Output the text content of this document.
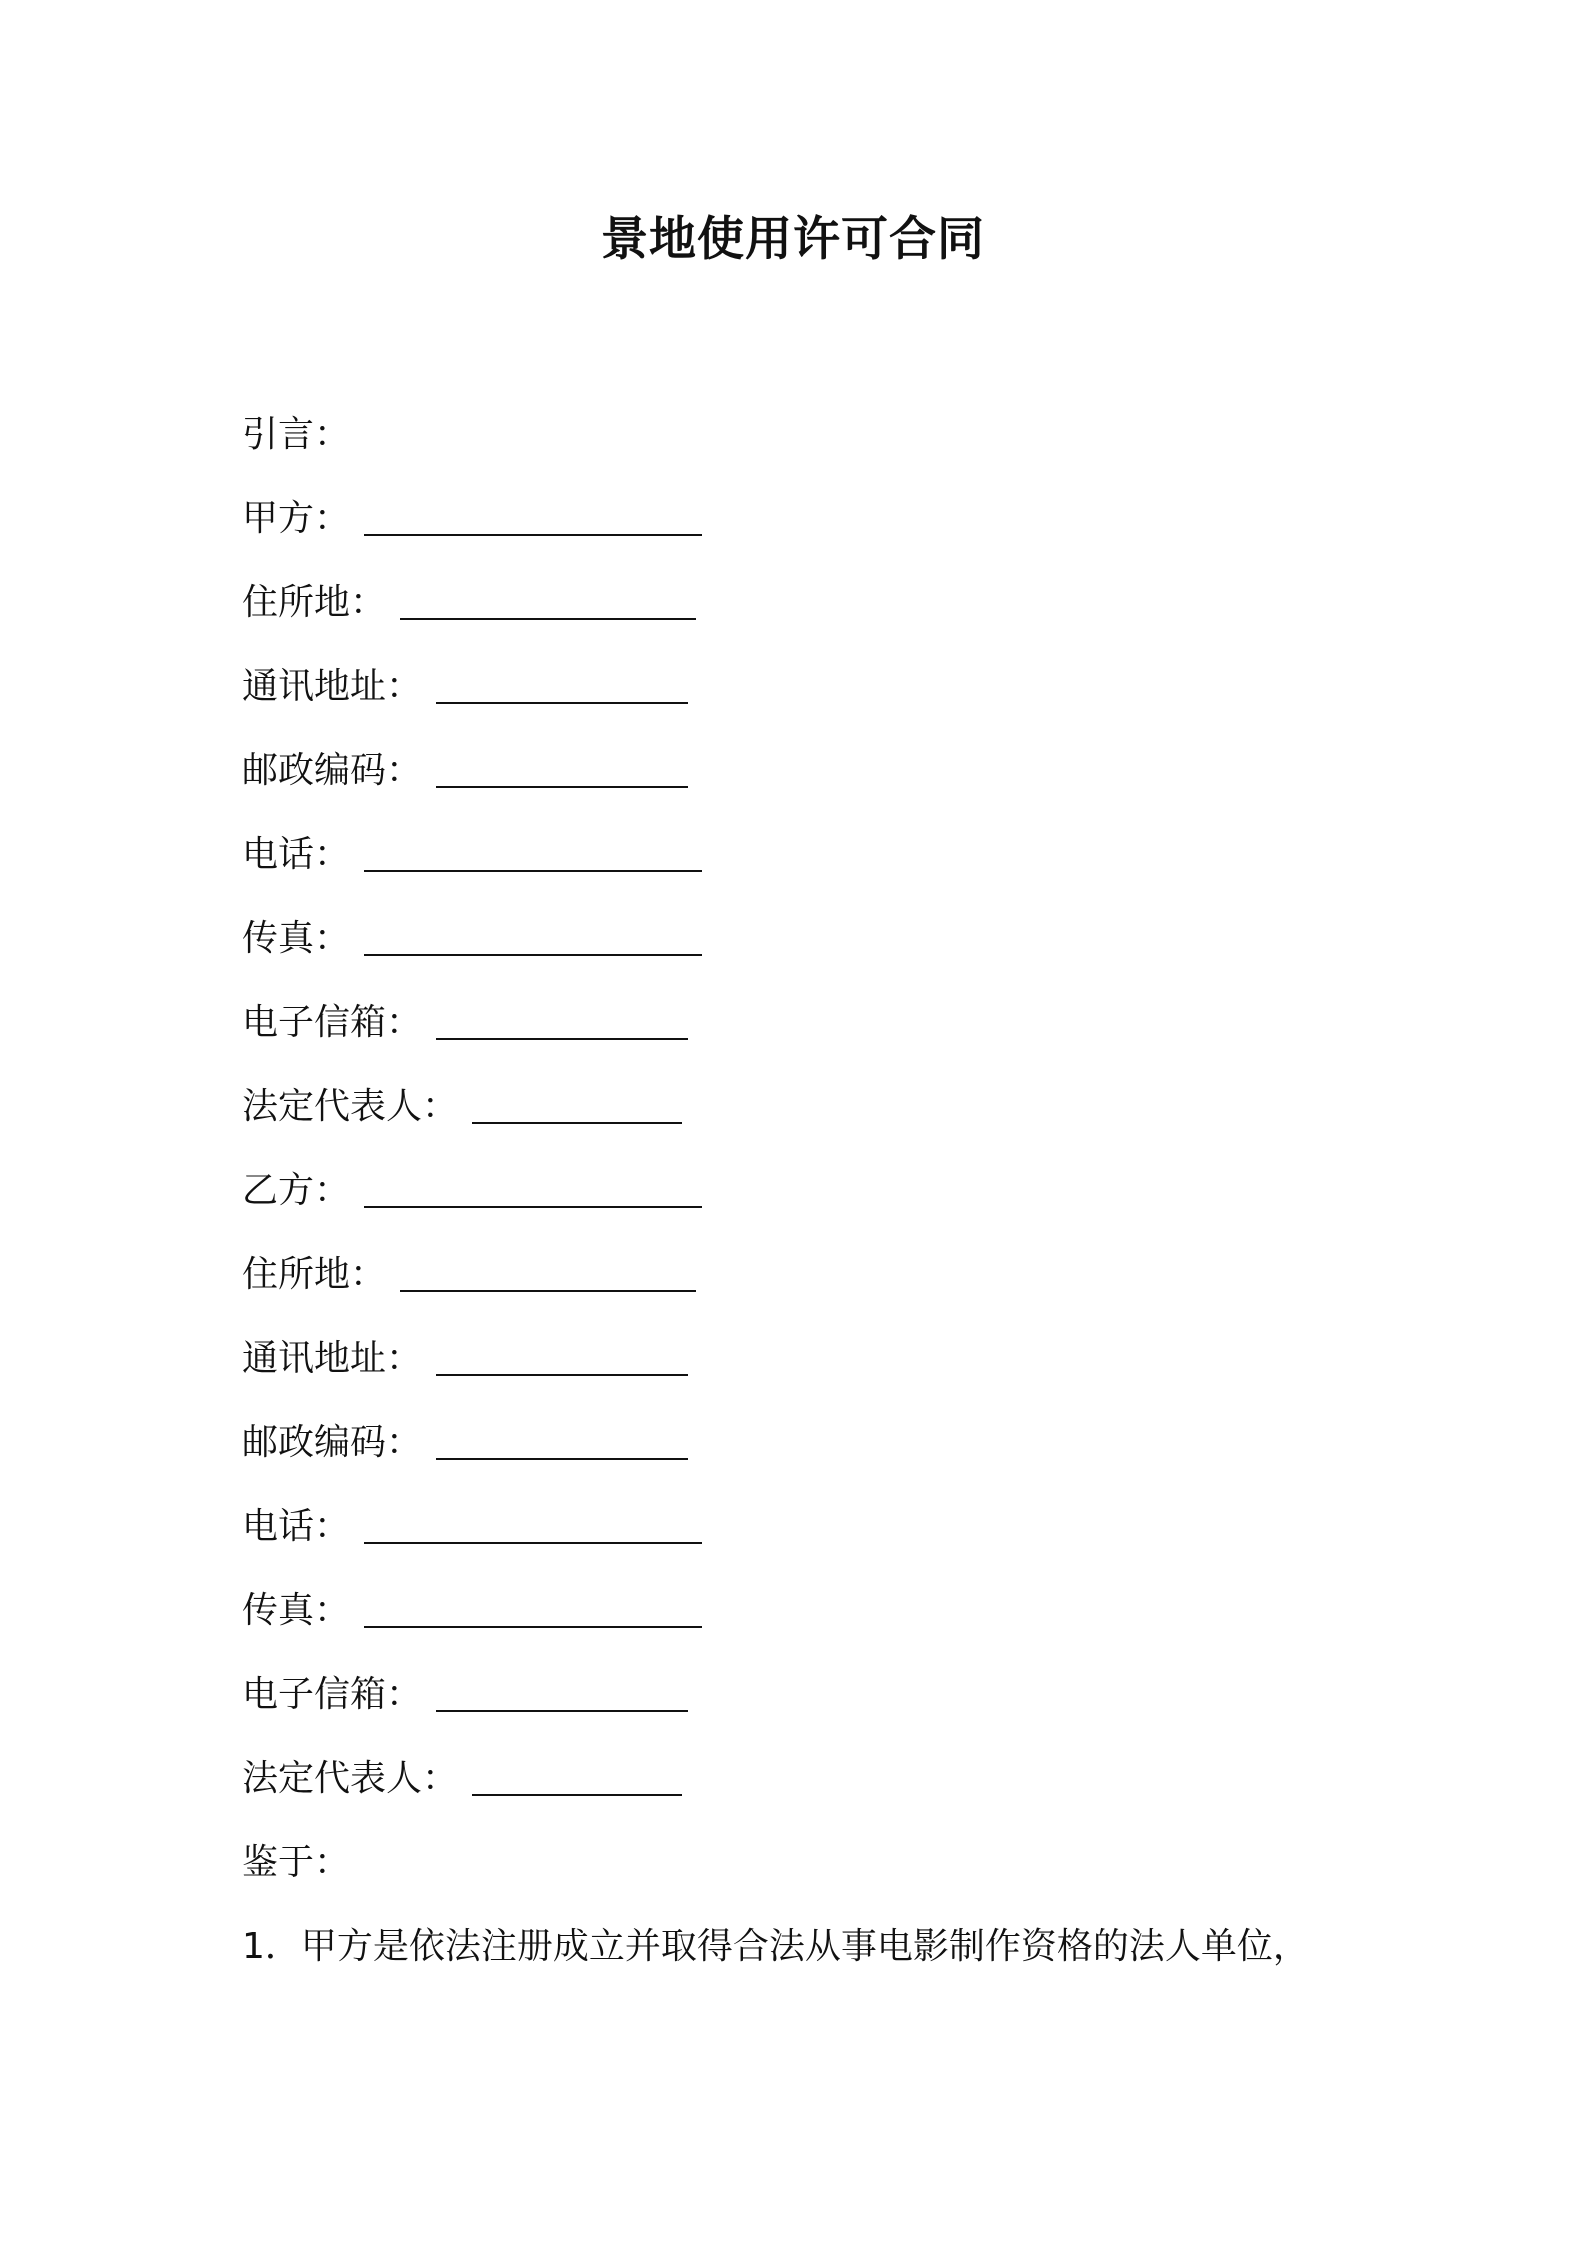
景地使用许可合同
引言：
甲方：
住所地：
通讯地址：
邮政编码：
电话：
传真：
电子信箱：
法定代表人：
乙方：
住所地：
通讯地址：
邮政编码：
电话：
传真：
电子信箱：
法定代表人：
鉴于：
1．甲方是依法注册成立并取得合法从事电影制作资格的法人单位，
